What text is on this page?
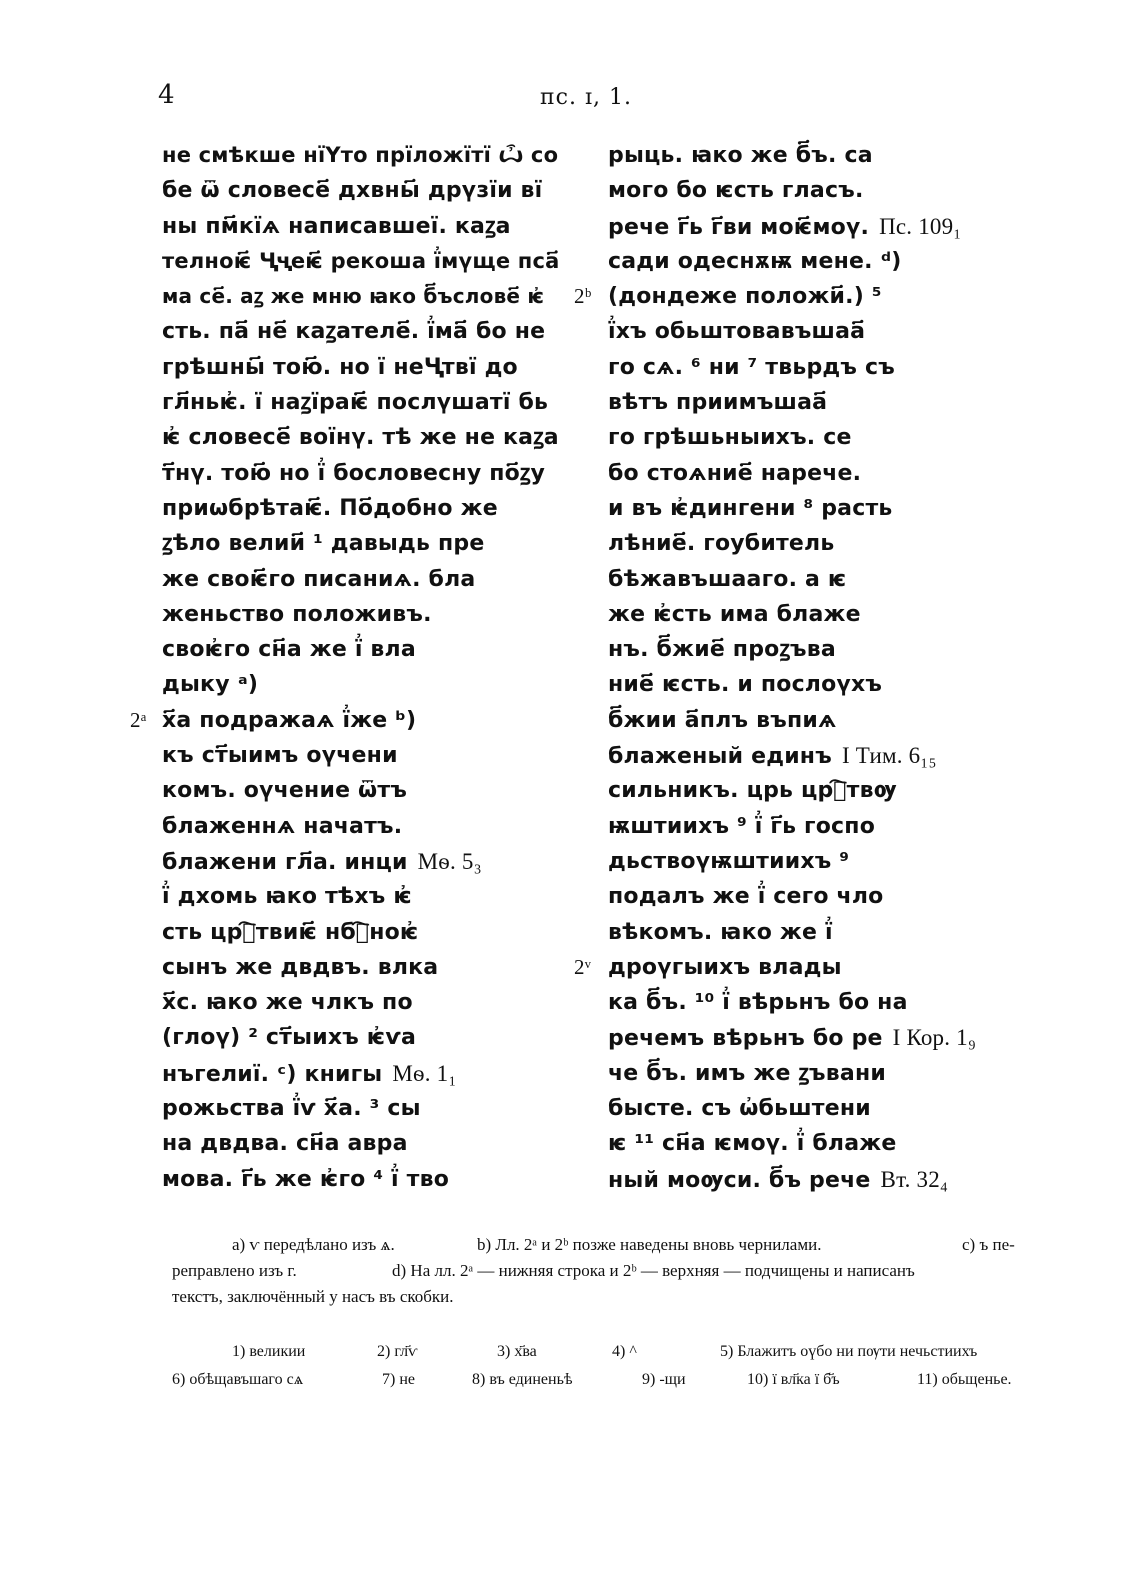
4	пс. ɪ, 1.
не смѣкше нїҮто прїложїтї ѽ со
бе ѿ словесе҃ дхвны҃ дрүзїи вї
ны пм҃кїѧ написавшеї. каꙁа
телноѥ҃ Ҷҷеѥ҃ рекоша ї҆мүще пса҃
ма се҃. аꙁ же мню ꙗко б҃ъслове҃ ѥ҆
сть. па҃ не҃ каꙁателе҃. ї҆ма҃ бо не
грѣшны҃ тою҃. но ї неҶтвї до
гл҃ньѥ҆. ї наꙁїраѥ҃ послүшатї бь
ѥ҆ словесе҃ воїнү. тѣ же не каꙁа
т҃нү. тою҃ но ї҆ бословесну по҃ꙁу
приѡбрѣтаѥ҃. По҃добно же
ꙁѣло велии҃ ¹ давыдь пре
же своѥ҃го писаниѧ. бла
женьство положивъ.
своѥ҆го сн҃а же ї҆ вла
дыку ᵃ)
2ᵃ х҃а подражаѧ ї҆же ᵇ)
къ ст҃ыимъ оүчени
комъ. оүчение ѿтъ
блаженнѧ начатъ.
блажени гл҃а. инци Мѳ. 5₃
ї҆ дхомь ꙗко тѣхъ ѥ҆
сть црⷭ҇твиѥ҃ нбⷭ҇ноѥ҆
сынъ же двдвъ. влка
х҃с. ꙗко же члкъ по
(глоү) ² ст҃ыихъ ѥ҆ѵа
нъгелиї. ᶜ) книгы Мѳ. 1₁
рожьства ї҆ѵ х҃а. ³ сы
на двдва. сн҃а авра
мова. г҃ь же ѥ҆го ⁴ ї҆ тво
рыць. ꙗко же б҃ъ. са
мого бо ѥсть гласъ.
рече г҃ь г҃ви моѥ҃моү. Пс. 109₁
сади одеснѫѭ мене. ᵈ)
2ᵇ (дондеже положи҃.) ⁵
ї҆хъ обьштовавъшаа҃
го сѧ. ⁶ ни ⁷ твьрдъ съ
вѣтъ приимъшаа҃
го грѣшьныихъ. се
бо стоѧние҃ нарече.
и въ ѥ҆дингени ⁸ расть
лѣние҃. гоубитель
бѣжавъшааго. а ѥ
же ѥ҆сть има блаже
нъ. б҃жие҃ проꙁъва
ние҃ ѥсть. и послоүхъ
б҃жии а҃плъ въпиѧ
блаженый единъ I Тим. 6₁₅
сильникъ. црь црⷭ҇твѹ
ѭштиихъ ⁹ ї҆ г҃ь госпо
дьствоүѭштиихъ ⁹
подалъ же ї҆ сего чло
вѣкомъ. ꙗко же ї҆
2ᵛ дроүгыихъ влады
ка б҃ъ. ¹⁰ ї҆ вѣрьнъ бо на
речемъ вѣрьнъ бо ре I Кор. 1₉
че б҃ъ. имъ же ꙁъвани
бысте. съ ѡ҆бьштени
ѥ ¹¹ сн҃а ѥмоү. ї҆ блаже
ный моѹси. б҃ъ рече Вт. 32₄
а) ѵ передѣлано изъ ѧ.	b) Лл. 2ᵃ и 2ᵇ позже наведены вновь чернилами.	с) ъ пе-
реправлено изъ г.	d) На лл. 2ᵃ — нижняя строка и 2ᵇ — верхняя — подчищены и написанъ
текстъ, заключённый у насъ въ скобки.
1) великии	2) гл҃ѵ	3) х҃ва	4) ^	5) Блажитъ оүбо ни пѹти нечьстиихъ
6) обѣщавъшаго сѧ	7) не	8) въ единеньѣ	9) -щи	10) ї вл҃ка ї б҃ъ	11) обьщенье.
